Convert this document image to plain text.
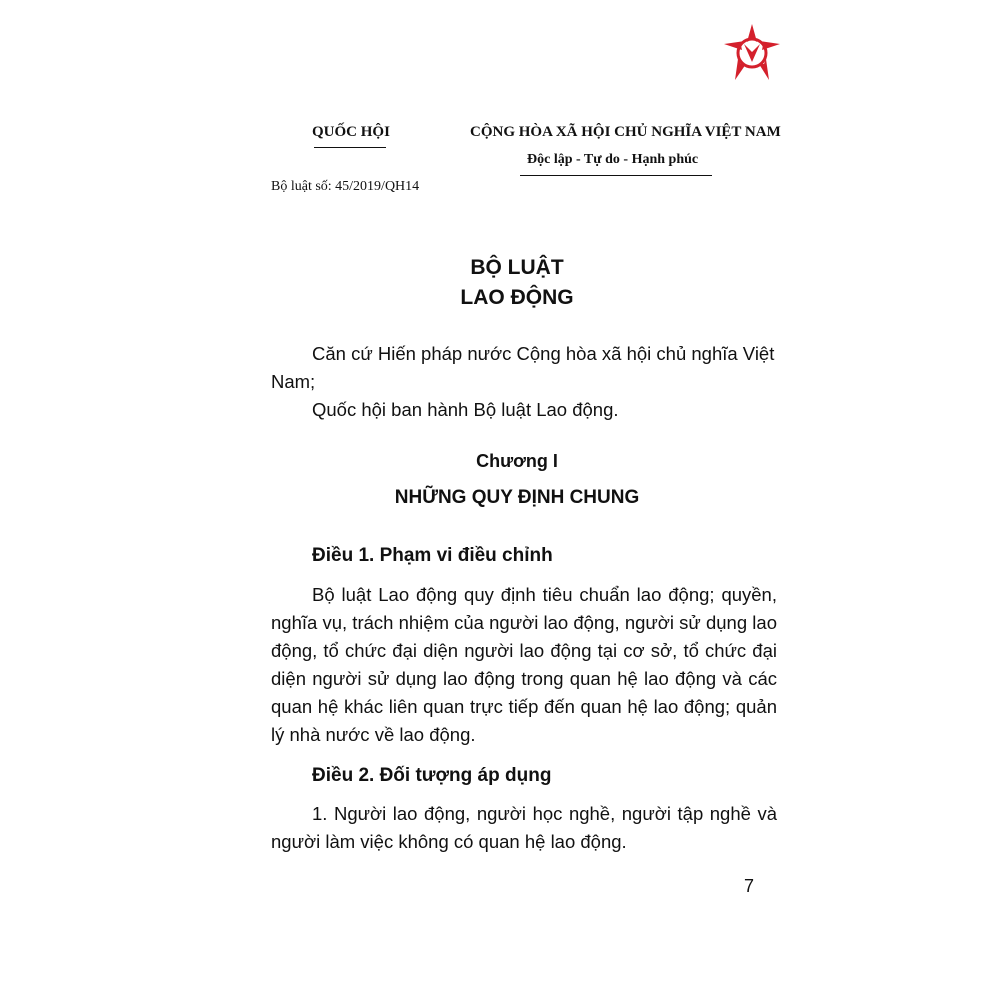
QUỐC HỘI	CỘNG HÒA XÃ HỘI CHỦ NGHĨA VIỆT NAM
Độc lập - Tự do - Hạnh phúc
Bộ luật số: 45/2019/QH14
BỘ LUẬT
LAO ĐỘNG

Căn cứ Hiến pháp nước Cộng hòa xã hội chủ nghĩa Việt Nam;

Quốc hội ban hành Bộ luật Lao động.

Chương I
NHỮNG QUY ĐỊNH CHUNG
Điều 1. Phạm vi điều chỉnh

Bộ luật Lao động quy định tiêu chuẩn lao động; quyền, nghĩa vụ, trách nhiệm của người lao động, người sử dụng lao động, tổ chức đại diện người lao động tại cơ sở, tổ chức đại diện người sử dụng lao động trong quan hệ lao động và các quan hệ khác liên quan trực tiếp đến quan hệ lao động; quản lý nhà nước về lao động.

Điều 2. Đối tượng áp dụng

1. Người lao động, người học nghề, người tập nghề và người làm việc không có quan hệ lao động.

7
